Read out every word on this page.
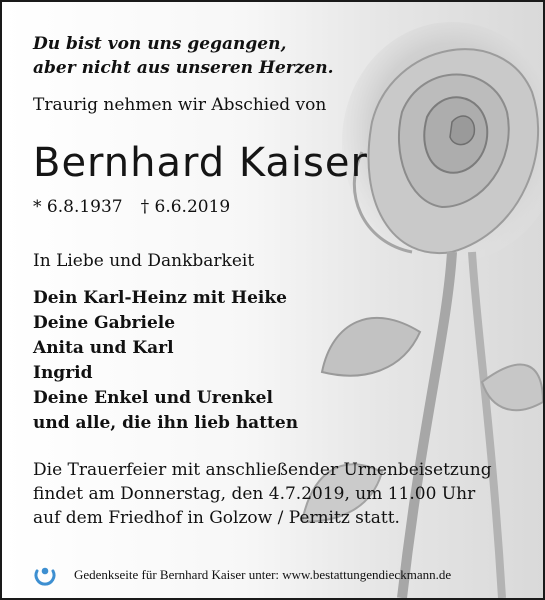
Du bist von uns gegangen,
aber nicht aus unseren Herzen.
Traurig nehmen wir Abschied von
Bernhard Kaiser
* 6.8.1937 † 6.6.2019
In Liebe und Dankbarkeit
Dein Karl-Heinz mit Heike
Deine Gabriele
Anita und Karl
Ingrid
Deine Enkel und Urenkel
und alle, die ihn lieb hatten
Die Trauerfeier mit anschließender Urnenbeisetzung
findet am Donnerstag, den 4.7.2019, um 11.00 Uhr
auf dem Friedhof in Golzow / Pernitz statt.
Gedenkseite für Bernhard Kaiser unter: www.bestattungendieckmann.de
